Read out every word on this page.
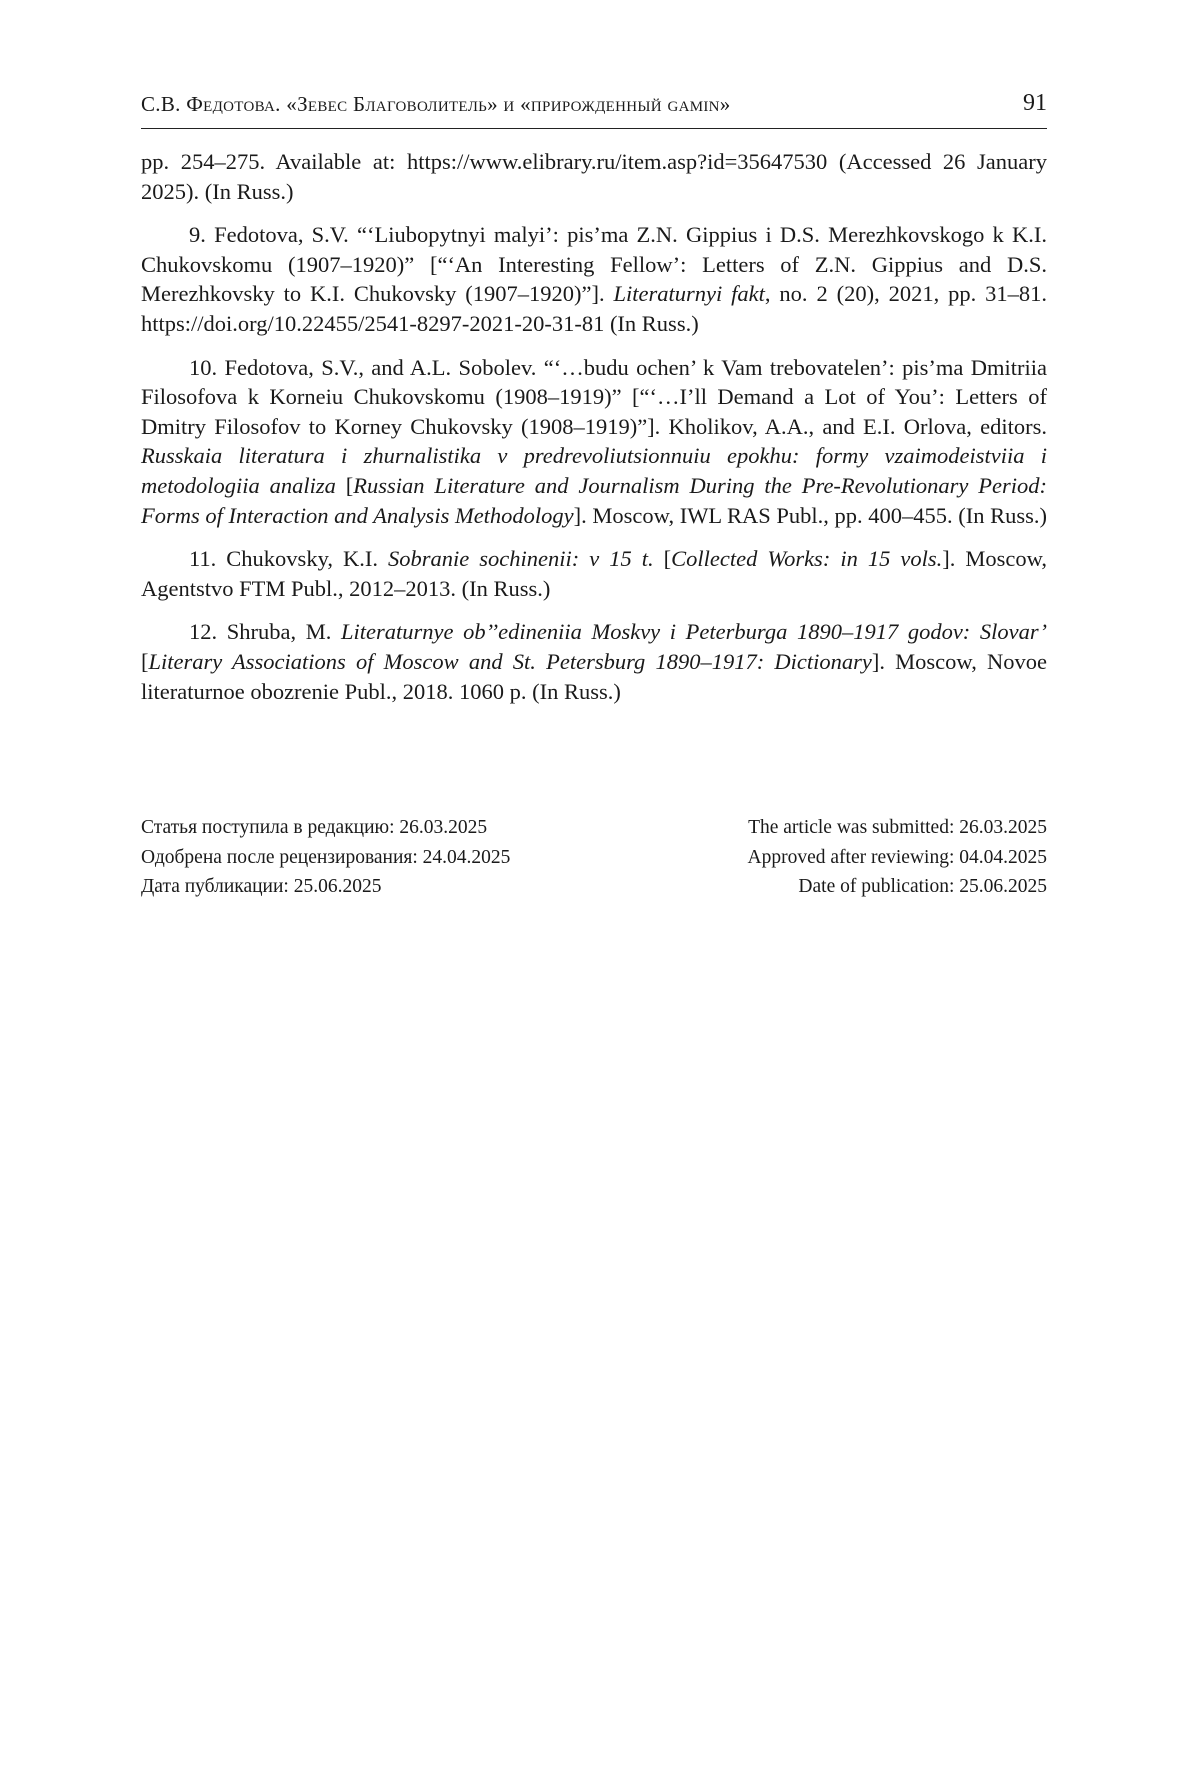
С.В. Федотова. «Зевес Благоволитель» и «прирожденный gamin»	91

pp. 254–275. Available at: https://www.elibrary.ru/item.asp?id=35647530 (Accessed 26 January 2025). (In Russ.)

9. Fedotova, S.V. “‘Liubopytnyi malyi’: pis’ma Z.N. Gippius i D.S. Merezhkovskogo k K.I. Chukovskomu (1907–1920)” [“‘An Interesting Fellow’: Letters of Z.N. Gippius and D.S. Merezhkovsky to K.I. Chukovsky (1907–1920)”]. Literaturnyi fakt, no. 2 (20), 2021, pp. 31–81. https://doi.org/10.22455/2541-8297-2021-20-31-81 (In Russ.)

10. Fedotova, S.V., and A.L. Sobolev. “‘…budu ochen’ k Vam trebovatelen’: pis’ma Dmitriia Filosofova k Korneiu Chukovskomu (1908–1919)” [“‘…I’ll Demand a Lot of You’: Letters of Dmitry Filosofov to Korney Chukovsky (1908–1919)”]. Kholikov, A.A., and E.I. Orlova, editors. Russkaia literatura i zhurnalistika v predrevoliutsionnuiu epokhu: formy vzaimodeistviia i metodologiia analiza [Russian Literature and Journalism During the Pre-Revolutionary Period: Forms of Interaction and Analysis Methodology]. Moscow, IWL RAS Publ., pp. 400–455. (In Russ.)

11. Chukovsky, K.I. Sobranie sochinenii: v 15 t. [Collected Works: in 15 vols.]. Moscow, Agentstvo FTM Publ., 2012–2013. (In Russ.)

12. Shruba, M. Literaturnye ob’’edineniia Moskvy i Peterburga 1890–1917 godov: Slovar’ [Literary Associations of Moscow and St. Petersburg 1890–1917: Dictionary]. Moscow, Novoe literaturnoe obozrenie Publ., 2018. 1060 p. (In Russ.)

Статья поступила в редакцию: 26.03.2025	The article was submitted: 26.03.2025
Одобрена после рецензирования: 24.04.2025	Approved after reviewing: 04.04.2025
Дата публикации: 25.06.2025	Date of publication: 25.06.2025
